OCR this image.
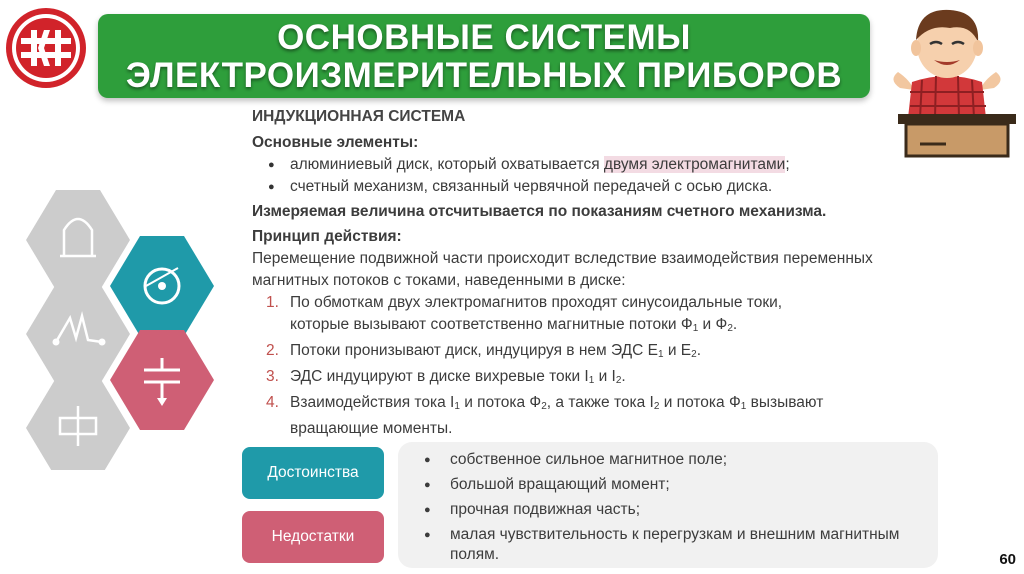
ОСНОВНЫЕ СИСТЕМЫ
ЭЛЕКТРОИЗМЕРИТЕЛЬНЫХ ПРИБОРОВ
ИНДУКЦИОННАЯ СИСТЕМА
Основные элементы:
● алюминиевый диск, который охватывается двумя электромагнитами;
● счетный механизм, связанный червячной передачей с осью диска.
Измеряемая величина отсчитывается по показаниям счетного механизма.
Принцип действия:
Перемещение подвижной части происходит вследствие взаимодействия переменных магнитных потоков с токами, наведенными в диске:
1. По обмоткам двух электромагнитов проходят синусоидальные токи,
которые вызывают соответственно магнитные потоки $Ф_1$ и $Ф_2$.
2. Потоки пронизывают диск, индуцируя в нем ЭДС $Е_1$ и $Е_2$.
3. ЭДС индуцируют в диске вихревые токи $I_1$ и $I_2$.
4. Взаимодействия тока $I_1$ и потока $Ф_2$, а также тока $I_2$ и потока $Ф_1$ вызывают
вращающие моменты.
Достоинства
Недостатки
● собственное сильное магнитное поле;
● большой вращающий момент;
● прочная подвижная часть;
● малая чувствительность к перегрузкам и внешним магнитным полям.	60
